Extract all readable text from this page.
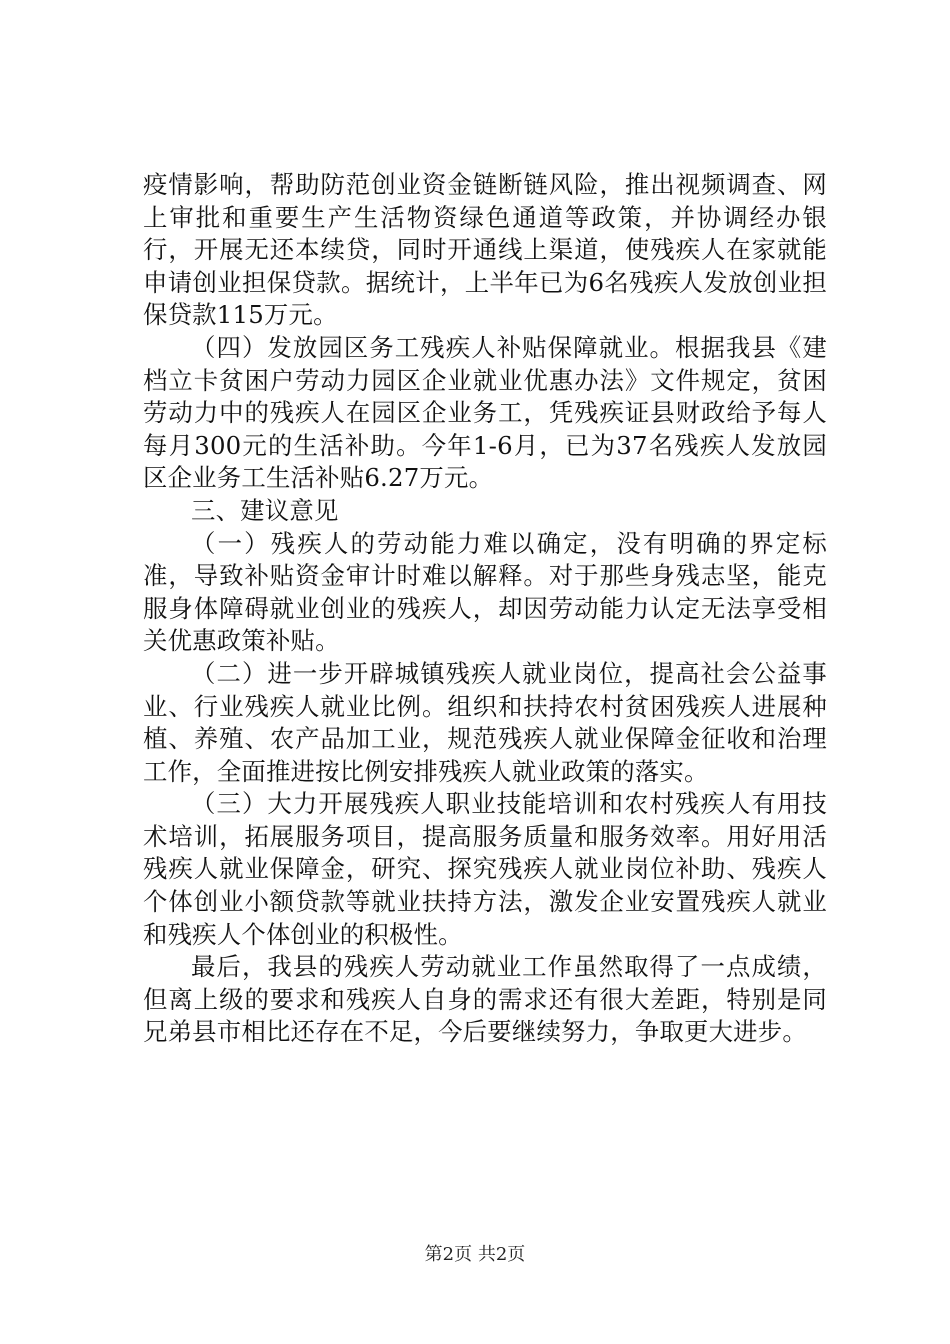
疫情影响，帮助防范创业资金链断链风险，推出视频调查、网上审批和重要生产生活物资绿色通道等政策，并协调经办银行，开展无还本续贷，同时开通线上渠道，使残疾人在家就能申请创业担保贷款。据统计，上半年已为6名残疾人发放创业担保贷款115万元。

（四）发放园区务工残疾人补贴保障就业。根据我县《建档立卡贫困户劳动力园区企业就业优惠办法》文件规定，贫困劳动力中的残疾人在园区企业务工，凭残疾证县财政给予每人每月300元的生活补助。今年1-6月，已为37名残疾人发放园区企业务工生活补贴6.27万元。

三、建议意见

（一）残疾人的劳动能力难以确定，没有明确的界定标准，导致补贴资金审计时难以解释。对于那些身残志坚，能克服身体障碍就业创业的残疾人，却因劳动能力认定无法享受相关优惠政策补贴。

（二）进一步开辟城镇残疾人就业岗位，提高社会公益事业、行业残疾人就业比例。组织和扶持农村贫困残疾人进展种植、养殖、农产品加工业，规范残疾人就业保障金征收和治理工作，全面推进按比例安排残疾人就业政策的落实。

（三）大力开展残疾人职业技能培训和农村残疾人有用技术培训，拓展服务项目，提高服务质量和服务效率。用好用活残疾人就业保障金，研究、探究残疾人就业岗位补助、残疾人个体创业小额贷款等就业扶持方法，激发企业安置残疾人就业和残疾人个体创业的积极性。

最后，我县的残疾人劳动就业工作虽然取得了一点成绩，但离上级的要求和残疾人自身的需求还有很大差距，特别是同兄弟县市相比还存在不足，今后要继续努力，争取更大进步。

第2页 共2页
